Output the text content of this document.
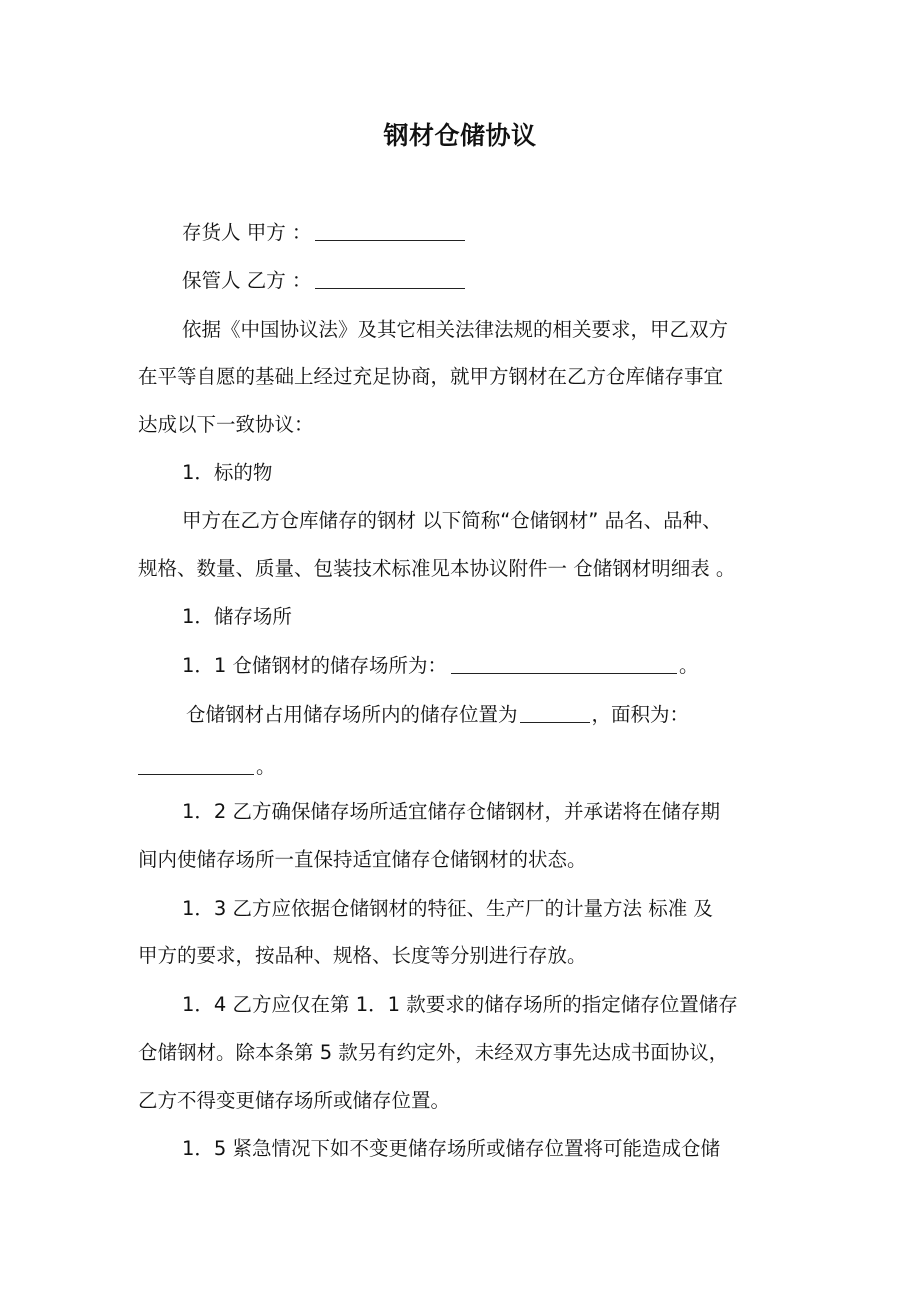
钢材仓储协议
存货人 甲方 ：
保管人 乙方 ：
依据《中国协议法》及其它相关法律法规的相关要求，甲乙双方
在平等自愿的基础上经过充足协商，就甲方钢材在乙方仓库储存事宜
达成以下一致协议：
1．标的物
甲方在乙方仓库储存的钢材 以下简称“仓储钢材” 品名、品种、
规格、数量、质量、包装技术标准见本协议附件一 仓储钢材明细表 。
1．储存场所
1．1 仓储钢材的储存场所为：	。
仓储钢材占用储存场所内的储存位置为	，面积为：
。
1．2 乙方确保储存场所适宜储存仓储钢材，并承诺将在储存期
间内使储存场所一直保持适宜储存仓储钢材的状态。
1．3 乙方应依据仓储钢材的特征、生产厂的计量方法 标准 及
甲方的要求，按品种、规格、长度等分别进行存放。
1．4 乙方应仅在第 1．1 款要求的储存场所的指定储存位置储存
仓储钢材。除本条第 5 款另有约定外，未经双方事先达成书面协议，
乙方不得变更储存场所或储存位置。
1．5 紧急情况下如不变更储存场所或储存位置将可能造成仓储
